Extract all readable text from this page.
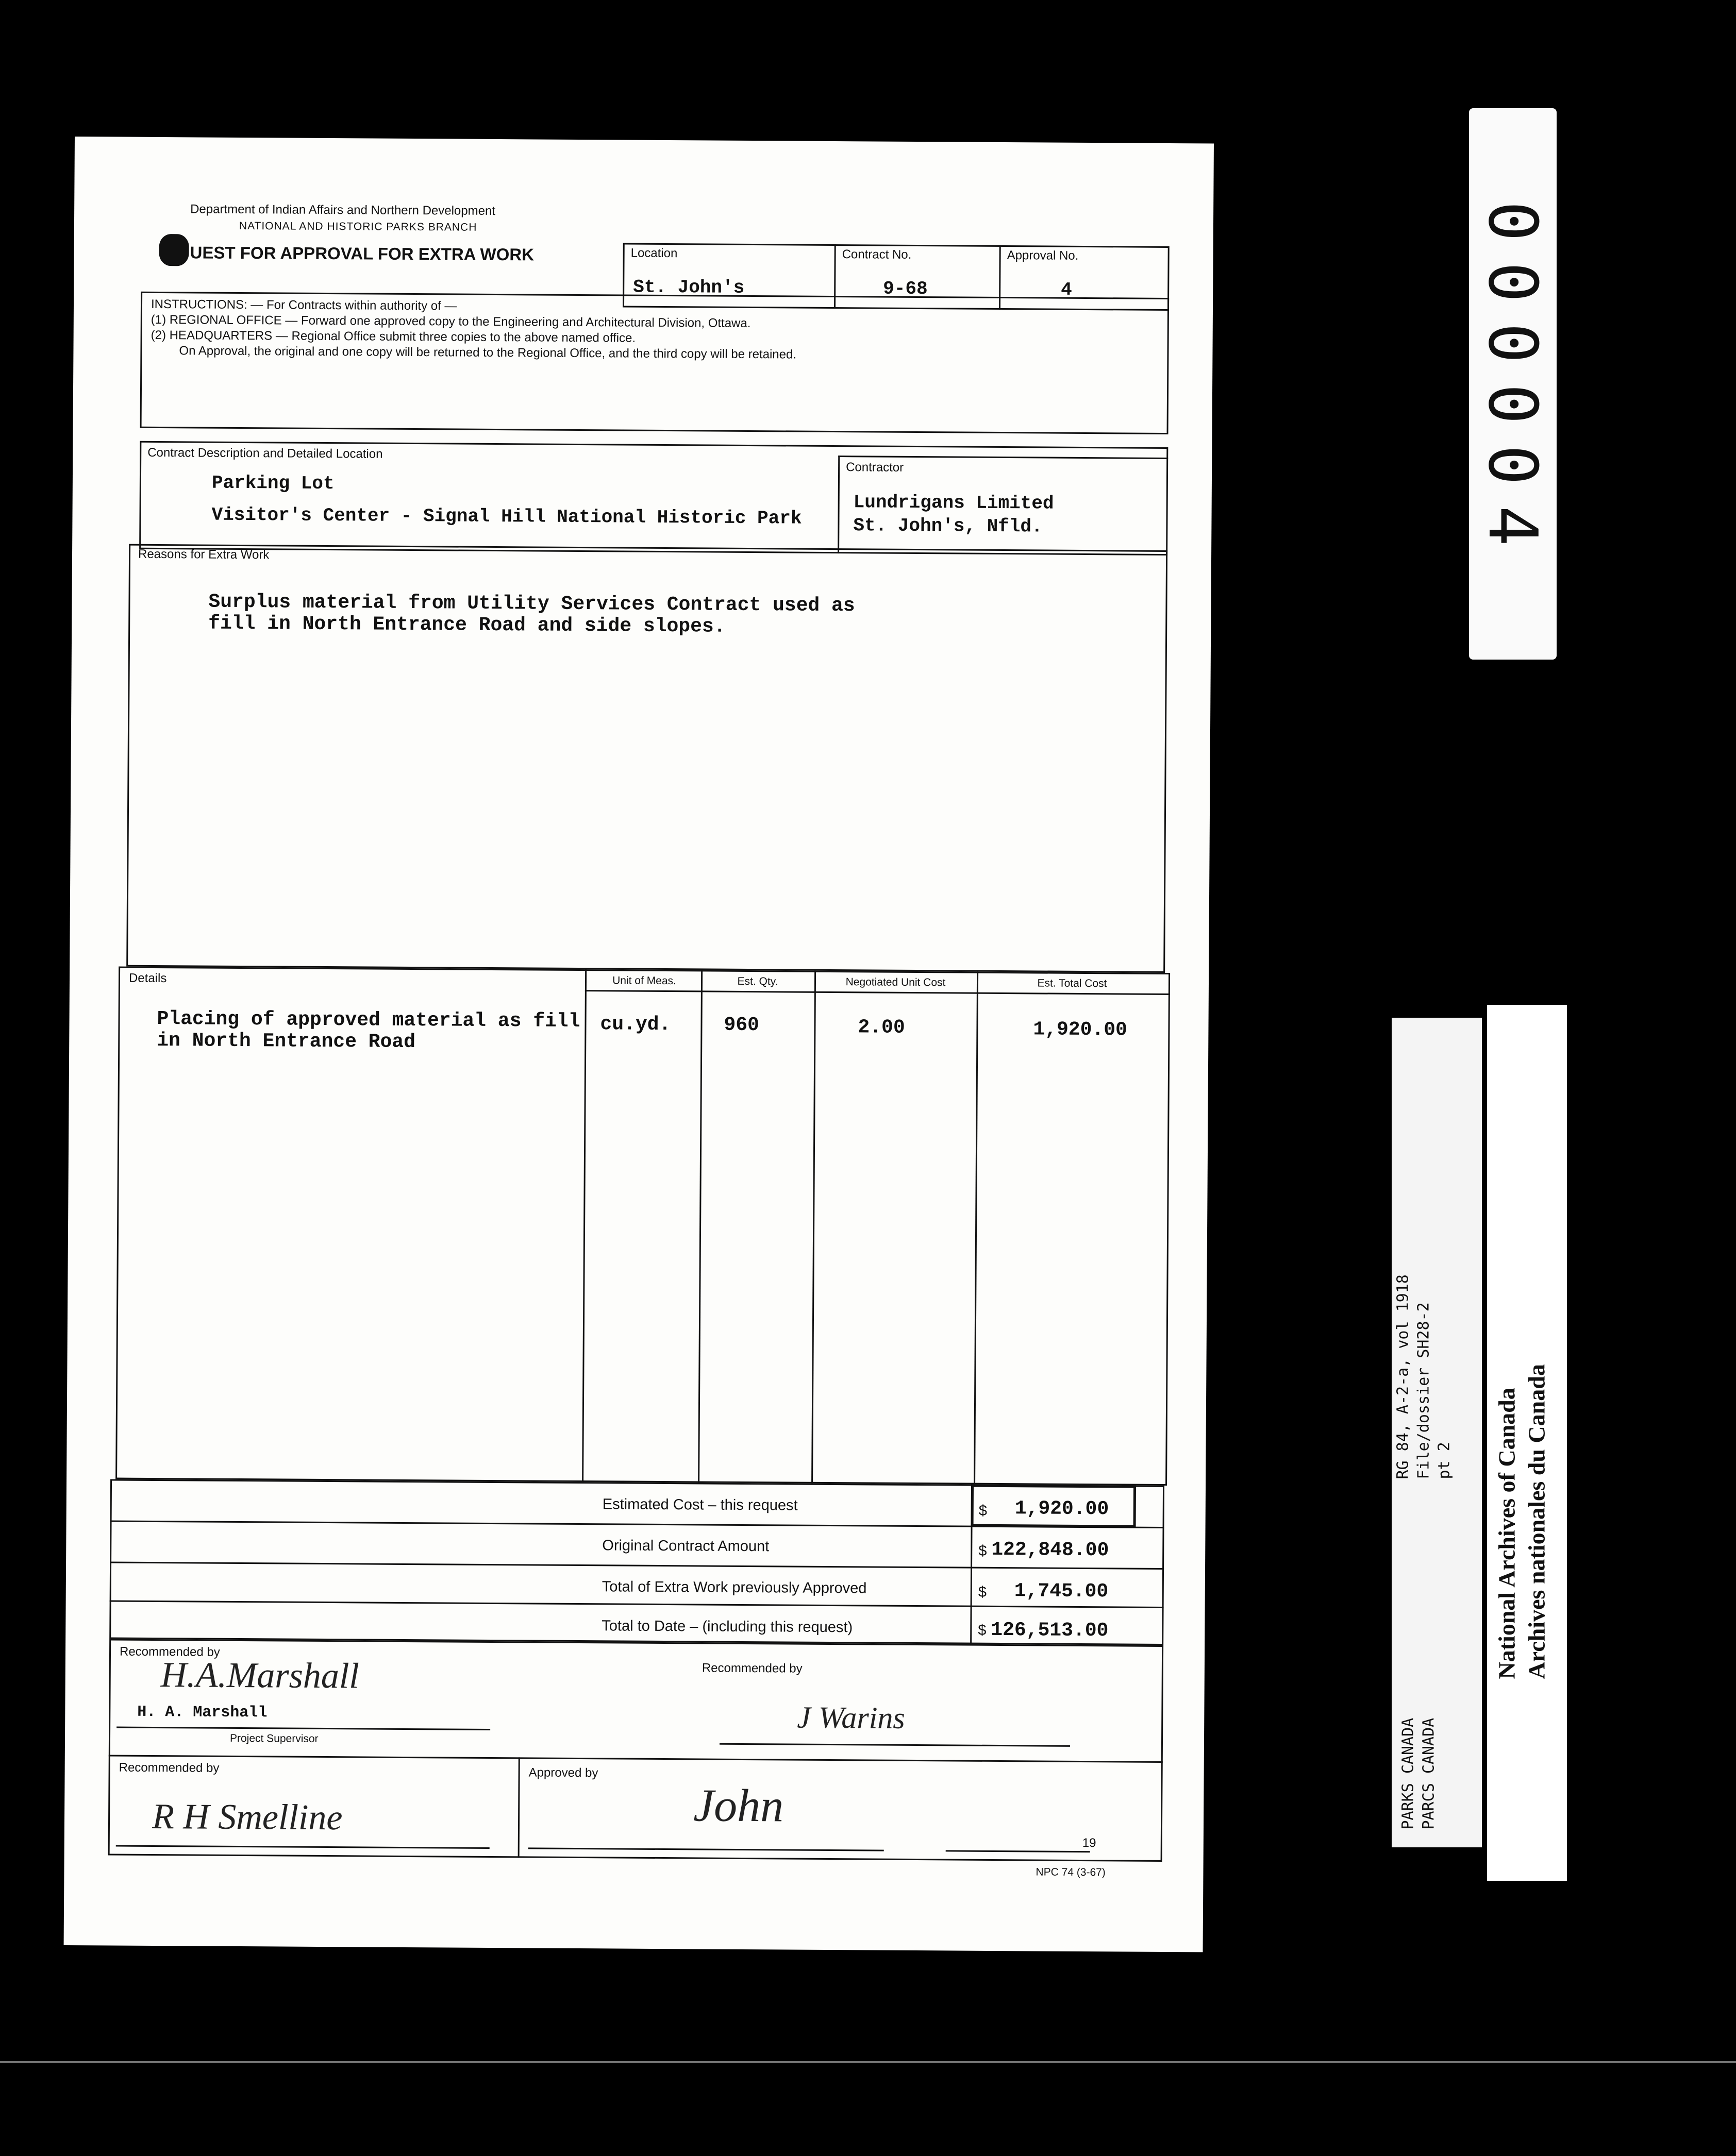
000004
RG 84, A-2-a, vol 1918 File/dossier SH28-2 pt 2
PARKS CANADA PARCS CANADA
National Archives of Canada Archives nationales du Canada
Department of Indian Affairs and Northern Development
NATIONAL AND HISTORIC PARKS BRANCH
UEST FOR APPROVAL FOR EXTRA WORK	Location
St. John's
Contract No.
9-68
Approval No.
4
INSTRUCTIONS: — For Contracts within authority of —
(1) REGIONAL OFFICE — Forward one approved copy to the Engineering and Architectural Division, Ottawa.
(2) HEADQUARTERS — Regional Office submit three copies to the above named office.
On Approval, the original and one copy will be returned to the Regional Office, and the third copy will be retained.
Contract Description and Detailed Location
Parking Lot
Visitor's Center - Signal Hill National Historic Park
Contractor
Lundrigans Limited
St. John's, Nfld.
Reasons for Extra Work
Surplus material from Utility Services Contract used as
fill in North Entrance Road and side slopes.
Details	Unit of Meas.	Est. Qty.	Negotiated Unit Cost	Est. Total Cost
Placing of approved material as fill
in North Entrance Road
cu.yd.	960	2.00	1,920.00
Estimated Cost – this request	$ 1,920.00
Original Contract Amount	$ 122,848.00
Total of Extra Work previously Approved	$ 1,745.00
Total to Date – (including this request)	$ 126,513.00
Recommended by
H.A.Marshall
H. A. Marshall
Project Supervisor
Recommended by
J Warins
Recommended by
R H Smelline
Approved by
John
19
NPC 74 (3-67)
